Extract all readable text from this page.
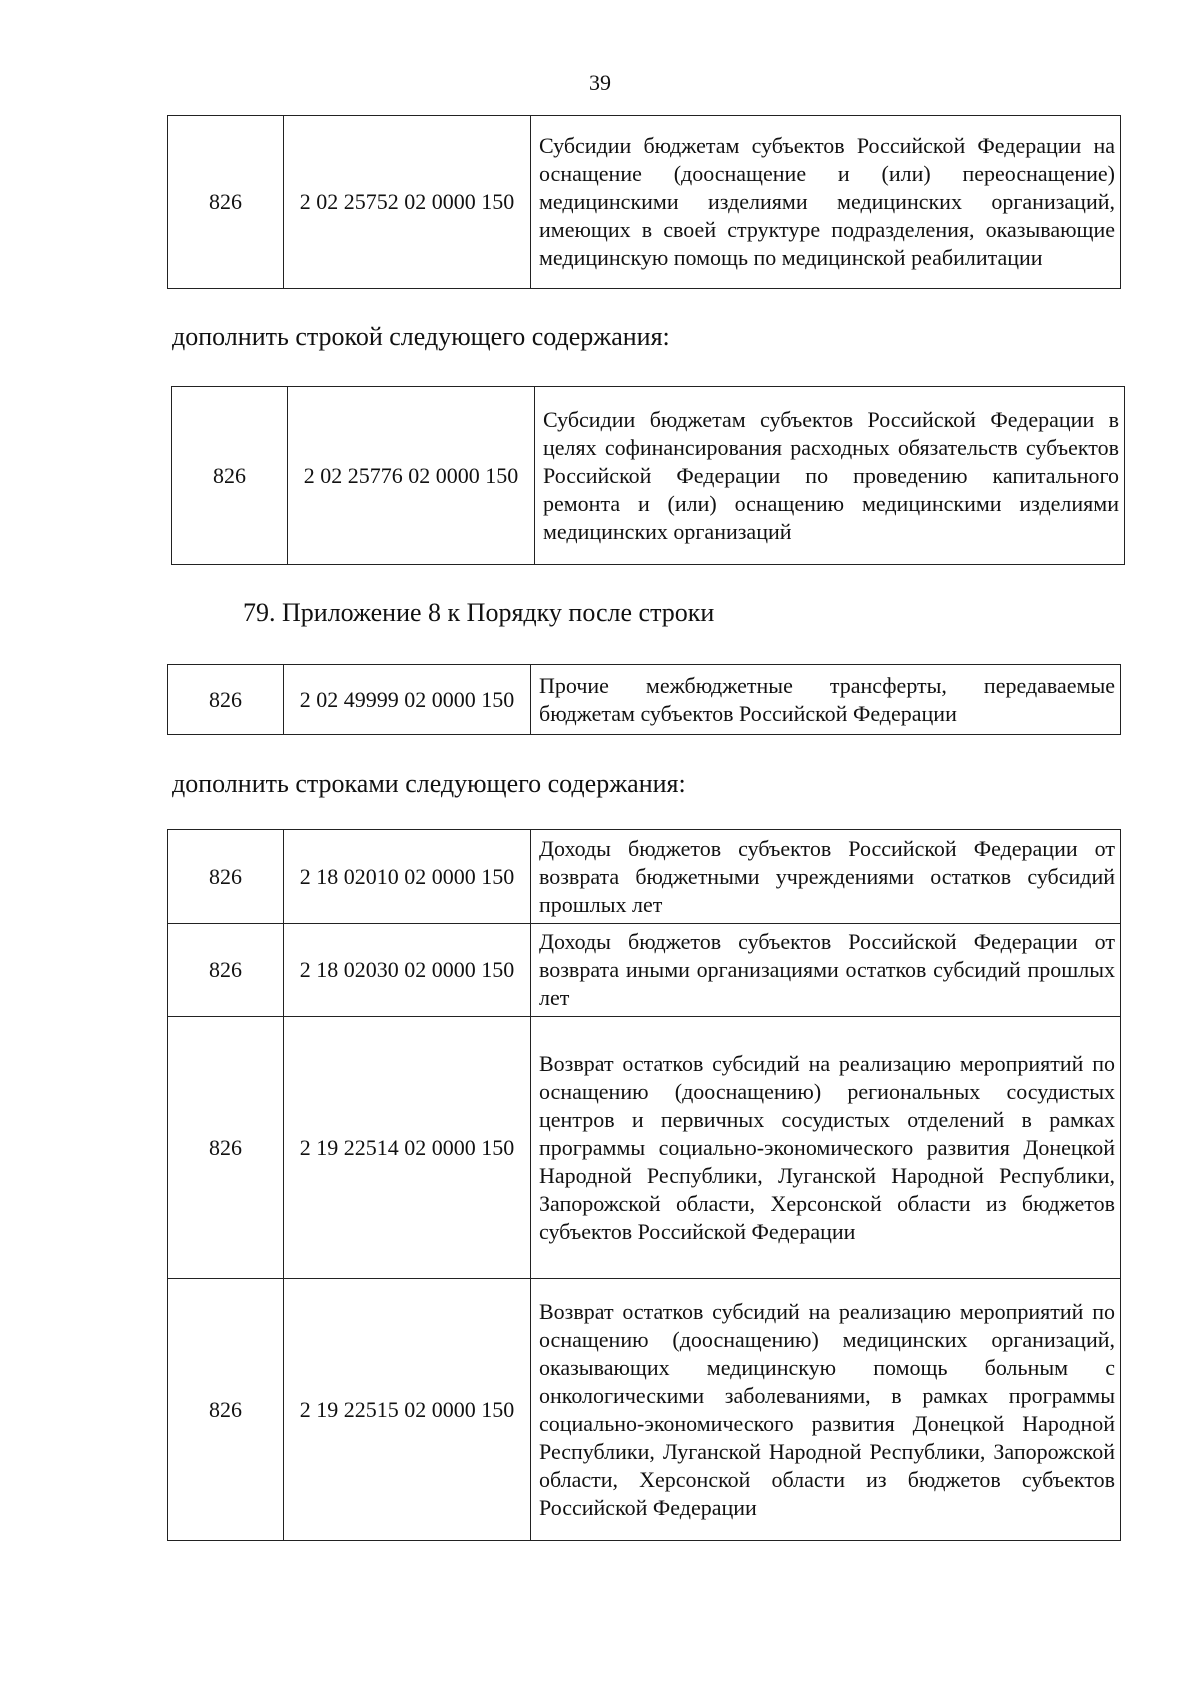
39
826	2 02 25752 02 0000 150	Субсидии бюджетам субъектов Российской Федерации на оснащение (дооснащение и (или) переоснащение) медицинскими изделиями медицинских организаций, имеющих в своей структуре подразделения, оказывающие медицинскую помощь по медицинской реабилитации
дополнить строкой следующего содержания:
826	2 02 25776 02 0000 150	Субсидии бюджетам субъектов Российской Федерации в целях софинансирования расходных обязательств субъектов Российской Федерации по проведению капитального ремонта и (или) оснащению медицинскими изделиями медицинских организаций
79. Приложение 8 к Порядку после строки
826	2 02 49999 02 0000 150	Прочие межбюджетные трансферты, передаваемые бюджетам субъектов Российской Федерации
дополнить строками следующего содержания:
826	2 18 02010 02 0000 150	Доходы бюджетов субъектов Российской Федерации от возврата бюджетными учреждениями остатков субсидий прошлых лет
826	2 18 02030 02 0000 150	Доходы бюджетов субъектов Российской Федерации от возврата иными организациями остатков субсидий прошлых лет
826	2 19 22514 02 0000 150	Возврат остатков субсидий на реализацию мероприятий по оснащению (дооснащению) региональных сосудистых центров и первичных сосудистых отделений в рамках программы социально-экономического развития Донецкой Народной Республики, Луганской Народной Республики, Запорожской области, Херсонской области из бюджетов субъектов Российской Федерации
826	2 19 22515 02 0000 150	Возврат остатков субсидий на реализацию мероприятий по оснащению (дооснащению) медицинских организаций, оказывающих медицинскую помощь больным с онкологическими заболеваниями, в рамках программы социально-экономического развития Донецкой Народной Республики, Луганской Народной Республики, Запорожской области, Херсонской области из бюджетов субъектов Российской Федерации
